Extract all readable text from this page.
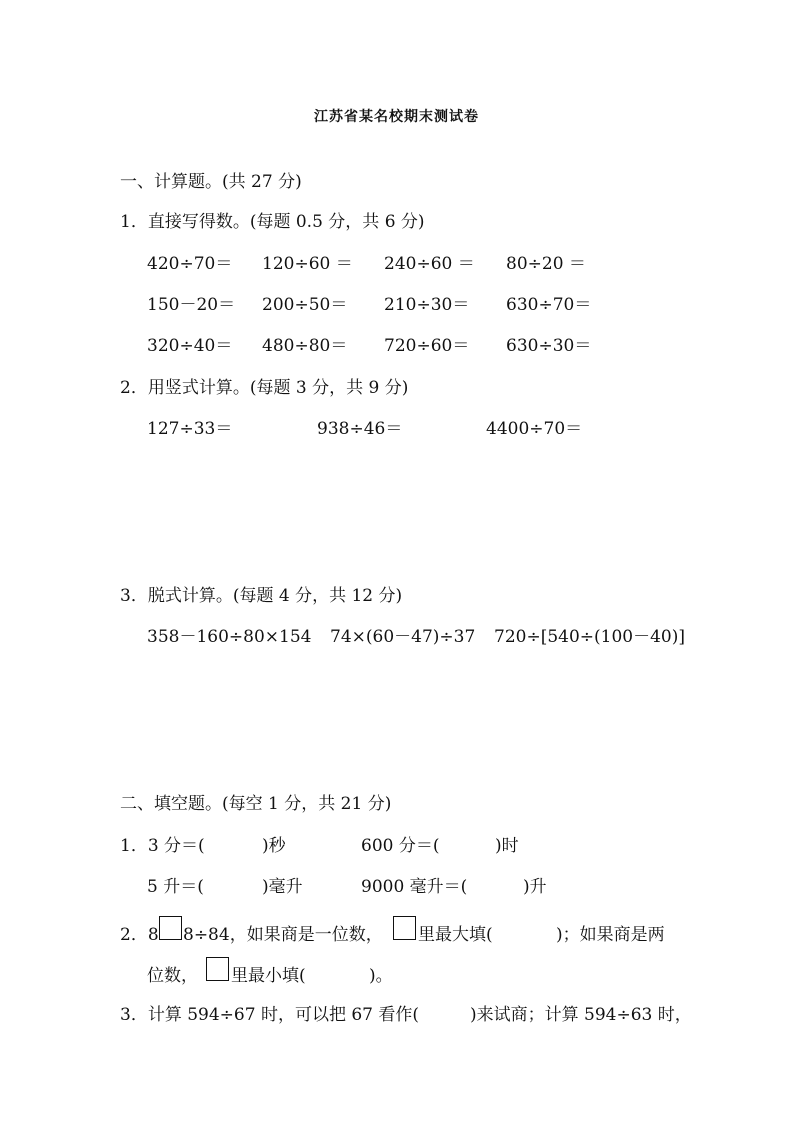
江苏省某名校期末测试卷
一、计算题。(共 27 分)
1．直接写得数。(每题 0.5 分，共 6 分)
420÷70＝ 120÷60 ＝ 240÷60 ＝ 80÷20 ＝
150－20＝ 200÷50＝ 210÷30＝ 630÷70＝
320÷40＝ 480÷80＝ 720÷60＝ 630÷30＝
2．用竖式计算。(每题 3 分，共 9 分)
127÷33＝	938÷46＝	4400÷70＝
3．脱式计算。(每题 4 分，共 12 分)
358－160÷80×154 74×(60－47)÷37 720÷[540÷(100－40)]
二、填空题。(每空 1 分，共 21 分)
1．3 分＝(	)秒	600 分＝(	)时
5 升＝(	)毫升	9000 毫升＝(	)升
2．8 8÷84，如果商是一位数， 里最大填(	)；如果商是两
位数， 里最小填(	)。
3．计算 594÷67 时，可以把 67 看作(　　　)来试商；计算 594÷63 时，
